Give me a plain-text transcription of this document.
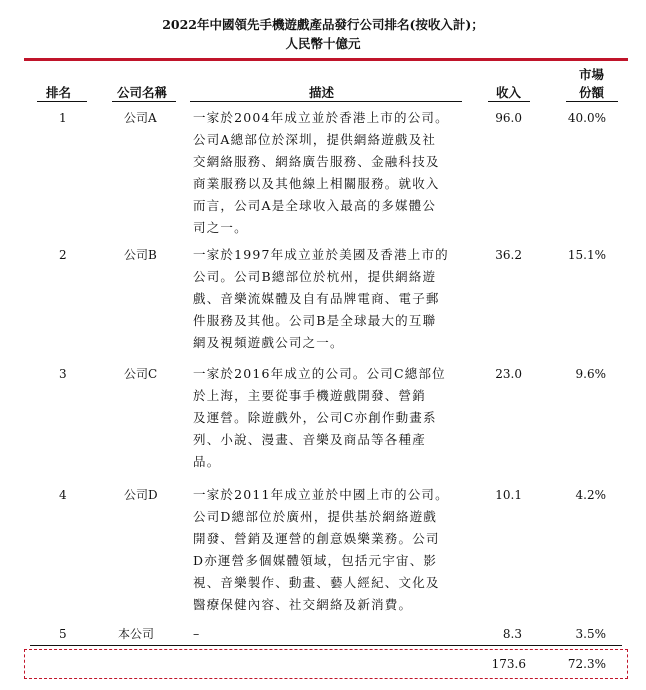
2022年中國領先手機遊戲產品發行公司排名(按收入計)；
人民幣十億元
排名	公司名稱	描述	收入
市場
份額
1	公司A	一家於2004年成立並於香港上市的公司。
公司A總部位於深圳，提供網絡遊戲及社
交網絡服務、網絡廣告服務、金融科技及
商業服務以及其他線上相關服務。就收入
而言，公司A是全球收入最高的多媒體公
司之一。
96.0	40.0%
2	公司B	一家於1997年成立並於美國及香港上市的
公司。公司B總部位於杭州，提供網絡遊
戲、音樂流媒體及自有品牌電商、電子郵
件服務及其他。公司B是全球最大的互聯
網及視頻遊戲公司之一。
36.2	15.1%
3	公司C	一家於2016年成立的公司。公司C總部位
於上海，主要從事手機遊戲開發、營銷
及運營。除遊戲外，公司C亦創作動畫系
列、小說、漫畫、音樂及商品等各種產
品。
23.0	9.6%
4	公司D	一家於2011年成立並於中國上市的公司。
公司D總部位於廣州，提供基於網絡遊戲
開發、營銷及運營的創意娛樂業務。公司
D亦運營多個媒體領域，包括元宇宙、影
視、音樂製作、動畫、藝人經紀、文化及
醫療保健內容、社交網絡及新消費。
10.1	4.2%
5	本公司	–	8.3	3.5%
173.6	72.3%
